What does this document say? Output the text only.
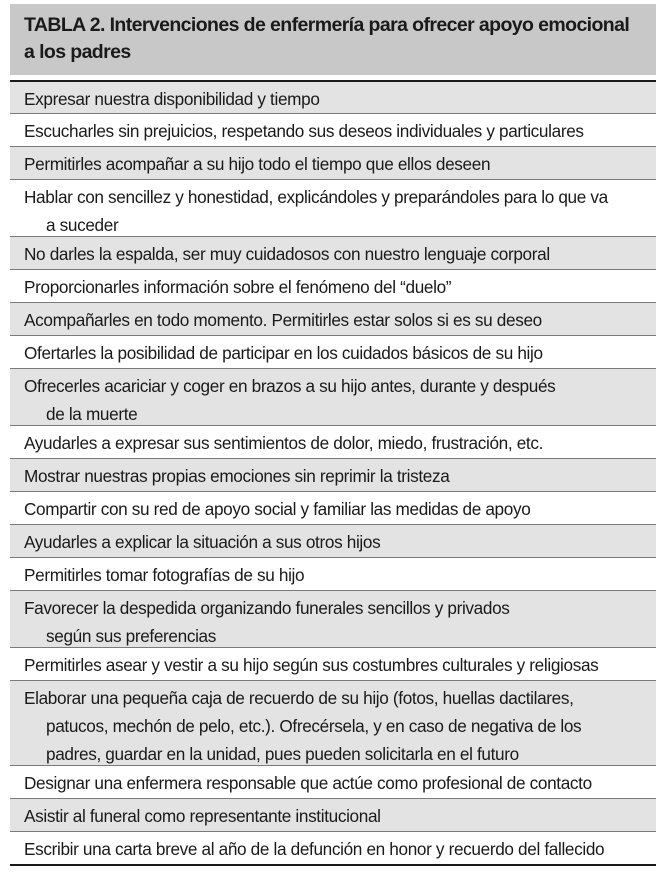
TABLA 2. Intervenciones de enfermería para ofrecer apoyo emocional
a los padres
Expresar nuestra disponibilidad y tiempo
Escucharles sin prejuicios, respetando sus deseos individuales y particulares
Permitirles acompañar a su hijo todo el tiempo que ellos deseen
Hablar con sencillez y honestidad, explicándoles y preparándoles para lo que vaa suceder
No darles la espalda, ser muy cuidadosos con nuestro lenguaje corporal
Proporcionarles información sobre el fenómeno del “duelo”
Acompañarles en todo momento. Permitirles estar solos si es su deseo
Ofertarles la posibilidad de participar en los cuidados básicos de su hijo
Ofrecerles acariciar y coger en brazos a su hijo antes, durante y despuésde la muerte
Ayudarles a expresar sus sentimientos de dolor, miedo, frustración, etc.
Mostrar nuestras propias emociones sin reprimir la tristeza
Compartir con su red de apoyo social y familiar las medidas de apoyo
Ayudarles a explicar la situación a sus otros hijos
Permitirles tomar fotografías de su hijo
Favorecer la despedida organizando funerales sencillos y privadossegún sus preferencias
Permitirles asear y vestir a su hijo según sus costumbres culturales y religiosas
Elaborar una pequeña caja de recuerdo de su hijo (fotos, huellas dactilares,patucos, mechón de pelo, etc.). Ofrecérsela, y en caso de negativa de lospadres, guardar en la unidad, pues pueden solicitarla en el futuro
Designar una enfermera responsable que actúe como profesional de contacto
Asistir al funeral como representante institucional
Escribir una carta breve al año de la defunción en honor y recuerdo del fallecido
